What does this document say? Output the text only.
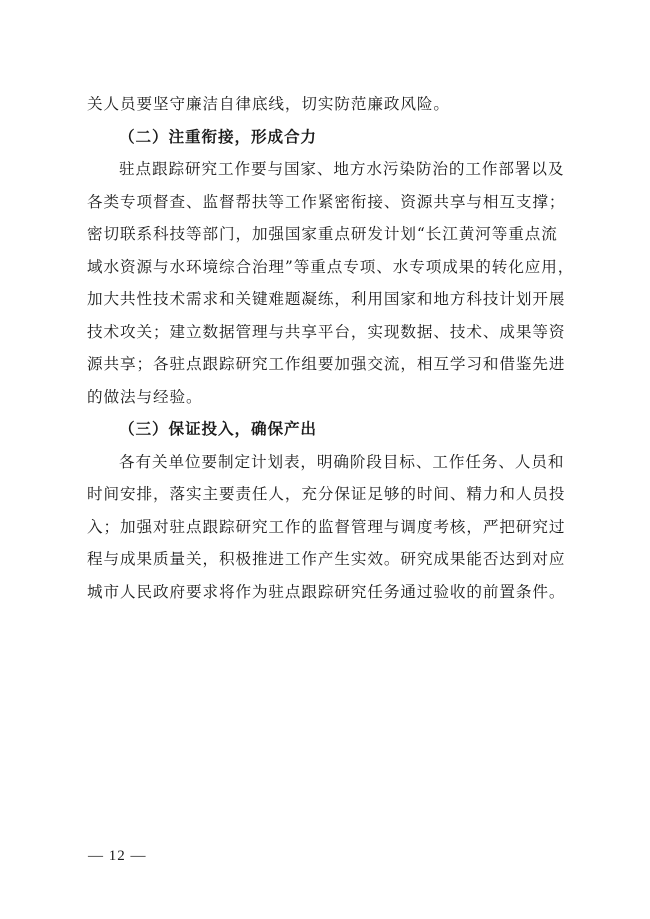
关人员要坚守廉洁自律底线，切实防范廉政风险。
（二）注重衔接，形成合力
驻点跟踪研究工作要与国家、地方水污染防治的工作部署以及
各类专项督查、监督帮扶等工作紧密衔接、资源共享与相互支撑；
密切联系科技等部门，加强国家重点研发计划“长江黄河等重点流
域水资源与水环境综合治理”等重点专项、水专项成果的转化应用，
加大共性技术需求和关键难题凝练，利用国家和地方科技计划开展
技术攻关；建立数据管理与共享平台，实现数据、技术、成果等资
源共享；各驻点跟踪研究工作组要加强交流，相互学习和借鉴先进
的做法与经验。
（三）保证投入，确保产出
各有关单位要制定计划表，明确阶段目标、工作任务、人员和
时间安排，落实主要责任人，充分保证足够的时间、精力和人员投
入；加强对驻点跟踪研究工作的监督管理与调度考核，严把研究过
程与成果质量关，积极推进工作产生实效。研究成果能否达到对应
城市人民政府要求将作为驻点跟踪研究任务通过验收的前置条件。
— 12 —
